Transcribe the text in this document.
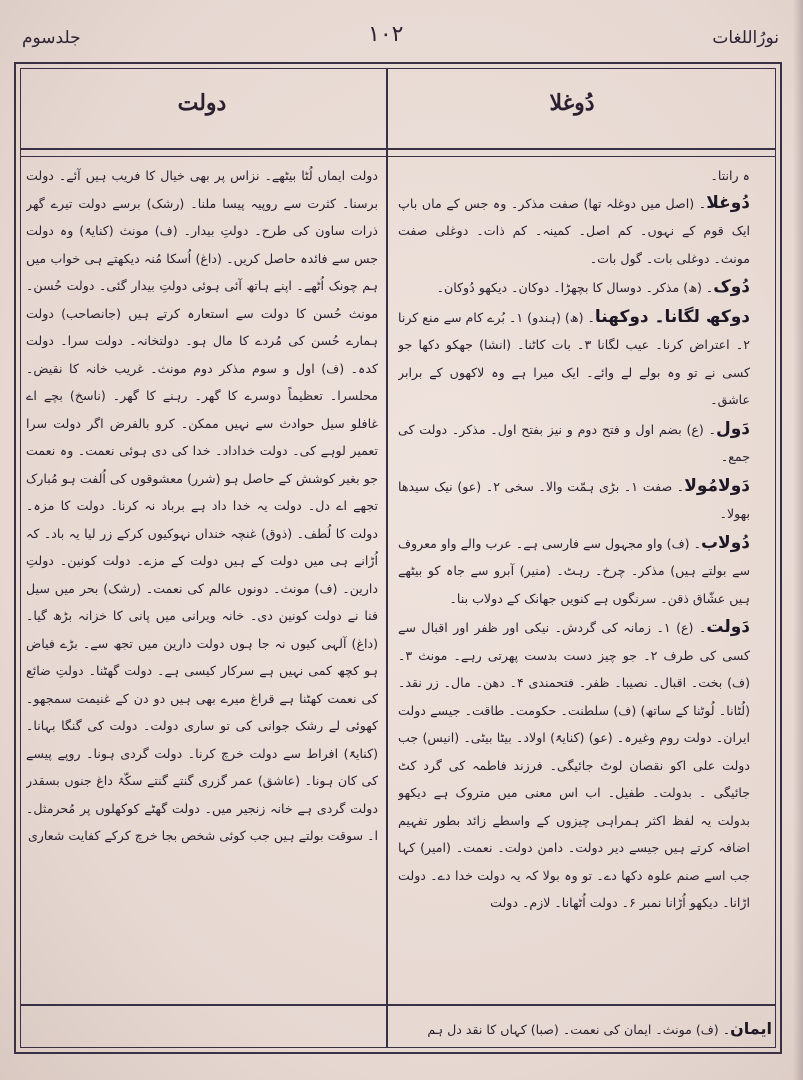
نورُاللغات
۱۰۲
جلدسوم
دُوغلا
دولت
ہ رانتا۔

دُوغلا۔ (اصل میں دوغلہ تھا) صفت مذکر۔ وہ جس کے ماں باپ ایک قوم کے نہوں۔ کم اصل۔ کمینہ۔ کم ذات۔ دوغلی صفت مونث۔ دوغلی بات۔ گول بات۔

دُوک۔ (ھ) مذکر۔ دوسال کا بچھڑا۔ دوکان۔ دیکھو دُوکان۔

دوکھ لگانا۔ دوکھنا۔ (ھ) (ہندو) ۱۔ بُرے کام سے منع کرنا ۲۔ اعتراض کرنا۔ عیب لگانا ۳۔ بات کاٹنا۔ (انشا) جھکو دکھا جو کسی نے تو وہ بولے لے وائے۔ ایک میرا ہے وہ لاکھوں کے برابر عاشق۔

دَول۔ (ع) بضم اول و فتح دوم و نیز بفتح اول۔ مذکر۔ دولت کی جمع۔

دَولامُولا۔ صفت ۱۔ بڑی ہمّت والا۔ سخی ۲۔ (عو) نیک سیدھا بھولا۔

دُولاب۔ (ف) واو مجہول سے فارسی ہے۔ عرب والے واو معروف سے بولتے ہیں) مذکر۔ چرخ۔ رہٹ۔ (منیر) آبرو سے جاہ کو بیٹھے ہیں عشّاق ذقن۔ سرنگوں ہے کنویں جھانک کے دولاب بنا۔

دَولت۔ (ع) ۱۔ زمانہ کی گردش۔ نیکی اور ظفر اور اقبال سے کسی کی طرف ۲۔ جو چیز دست بدست پھرتی رہے۔ مونث ۳۔ (ف) بخت۔ اقبال۔ نصیبا۔ ظفر۔ فتحمندی ۴۔ دھن۔ مال۔ زر نقد۔ (لُٹانا۔ لُوٹنا کے ساتھ) (ف) سلطنت۔ حکومت۔ طاقت۔ جیسے دولت ایران۔ دولت روم وغیرہ۔ (عو) (کنایۃً) اولاد۔ بیٹا بیٹی۔ (انیس) جب دولت علی اکو نقصان لوٹ جائیگی۔ فرزند فاطمہ کی گرد کٹ جائیگی ۔ بدولت۔ طفیل۔ اب اس معنی میں متروک ہے دیکھو بدولت یہ لفظ اکثر ہمراہی چیزوں کے واسطے زائد بطور تفہیم اضافہ کرتے ہیں جیسے دیر دولت۔ دامن دولت۔ نعمت۔ (امیر) کہا جب اسے صنم علوہ دکھا دے۔ تو وہ بولا کہ یہ دولت خدا دے۔ دولت اڑانا۔ دیکھو اُڑانا نمبر ۶۔ دولت اُٹھانا۔ لازم۔ دولت

دولت ایماں لُٹا بیٹھے۔ نزاس پر بھی خیال کا فریب ہیں آئے۔ دولت برسنا۔ کثرت سے روپیہ پیسا ملنا۔ (رشک) برسے دولت تیرے گھر ذرات ساون کی طرح۔ دولتِ بیدار۔ (ف) مونث (کنایۃً) وہ دولت جس سے فائدہ حاصل کریں۔ (داغ) اُسکا مُنہ دیکھتے ہی خواب میں ہم چونک اُٹھے۔ اپنے ہاتھ آئی ہوئی دولتِ بیدار گئی۔ دولت حُسن۔ مونث حُسن کا دولت سے استعارہ کرتے ہیں (جانصاحب) دولت ہمارے حُسن کی مُردے کا مال ہو۔ دولتخانہ۔ دولت سرا۔ دولت کدہ۔ (ف) اول و سوم مذکر دوم مونث۔ غریب خانہ کا نقیض۔ محلسرا۔ تعظیماً دوسرے کا گھر۔ رہنے کا گھر۔ (ناسخ) بچے اے غافلو سیل حوادث سے نہیں ممکن۔ کرو بالفرض اگر دولت سرا تعمیر لوہے کی۔ دولت خداداد۔ خدا کی دی ہوئی نعمت۔ وہ نعمت جو بغیر کوشش کے حاصل ہو (شرر) معشوقوں کی اُلفت ہو مُبارک تجھے اے دل۔ دولت یہ خدا داد ہے برباد نہ کرنا۔ دولت کا مزہ۔ دولت کا لُطف۔ (ذوق) غنچہ خنداں نہوکیوں کرکے زر لیا یہ باد۔ کہ اُڑانے ہی میں دولت کے ہیں دولت کے مزے۔ دولت کونین۔ دولتِ دارین۔ (ف) مونث۔ دونوں عالم کی نعمت۔ (رشک) بحر میں سیل فنا نے دولت کونین دی۔ خانہ ویرانی میں پانی کا خزانہ بڑھ گیا۔ (داغ) آلہی کیوں نہ جا ہوں دولت دارین میں تجھ سے۔ بڑے فیاض ہو کچھ کمی نہیں ہے سرکار کیسی ہے۔ دولت گھٹنا۔ دولتِ ضائع کی نعمت کھٹنا ہے قراغ میرے بھی ہیں دو دن کے غنیمت سمجھو۔ کھوئی لے رشک جوانی کی تو ساری دولت۔ دولت کی گنگا بہانا۔ (کنایۃً) افراط سے دولت خرچ کرنا۔ دولت گردی ہونا۔ روپے پیسے کی کان ہونا۔ (عاشق) عمر گزری گنتے گنتے سکّۂ داغ جنوں بسقدر دولت گردی ہے خانہ زنجیر میں۔ دولت گھٹے کوکھلوں پر مُحرمثل۔ ا۔ سوقت بولتے ہیں جب کوئی شخص بجا خرچ کرکے کفایت شعاری

ایمان۔ (ف) مونث۔ ایمان کی نعمت۔ (صبا) کہاں کا نقد دل ہم
